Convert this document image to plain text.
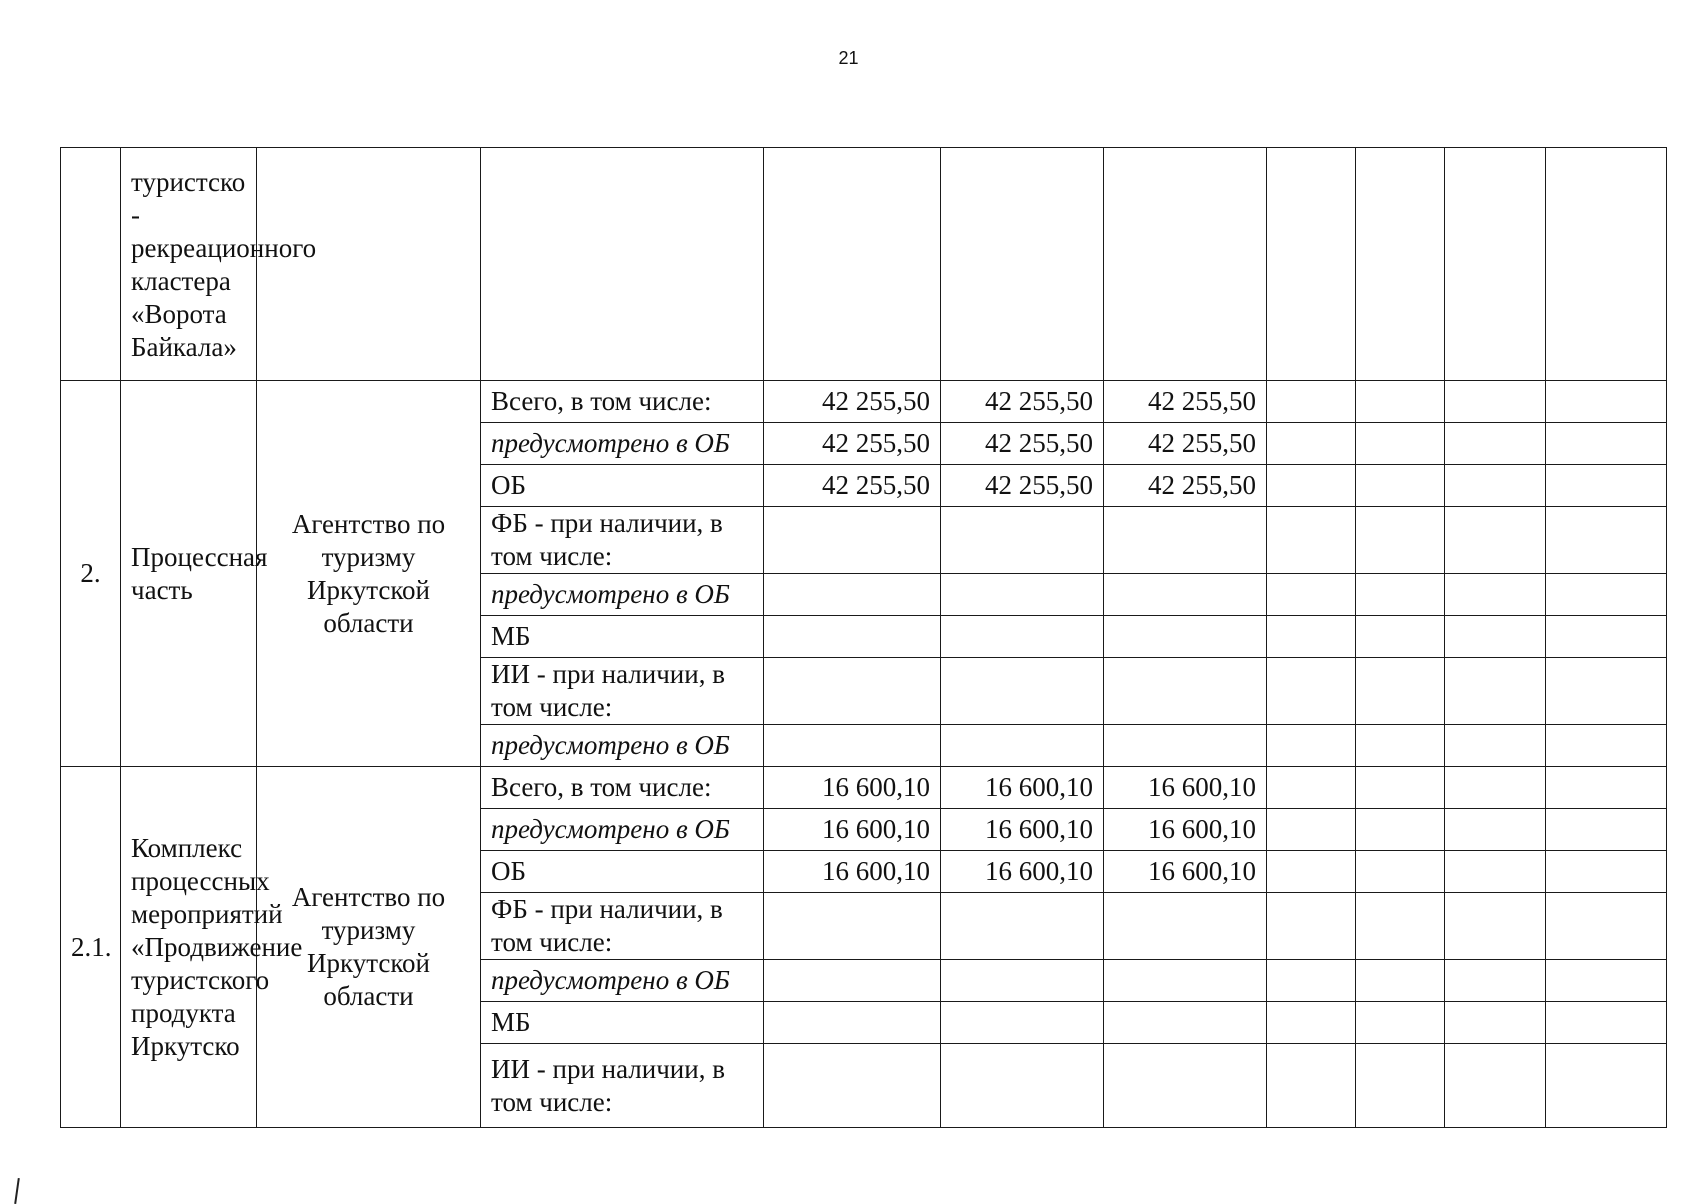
21
	туристско - рекреационного кластера «Ворота Байкала»									
2.	Процессная часть	Агентство по туризму Иркутской области	Всего, в том числе:	42 255,50	42 255,50	42 255,50				
			предусмотрено в ОБ	42 255,50	42 255,50	42 255,50				
			ОБ	42 255,50	42 255,50	42 255,50				
			ФБ - при наличии, в том числе:							
			предусмотрено в ОБ							
			МБ							
			ИИ - при наличии, в том числе:							
			предусмотрено в ОБ							
2.1.	Комплекс процессных мероприятий «Продвижение туристского продукта Иркутско	Агентство по туризму Иркутской области	Всего, в том числе:	16 600,10	16 600,10	16 600,10				
			предусмотрено в ОБ	16 600,10	16 600,10	16 600,10				
			ОБ	16 600,10	16 600,10	16 600,10				
			ФБ - при наличии, в том числе:							
			предусмотрено в ОБ							
			МБ							
			ИИ - при наличии, в том числе:							
